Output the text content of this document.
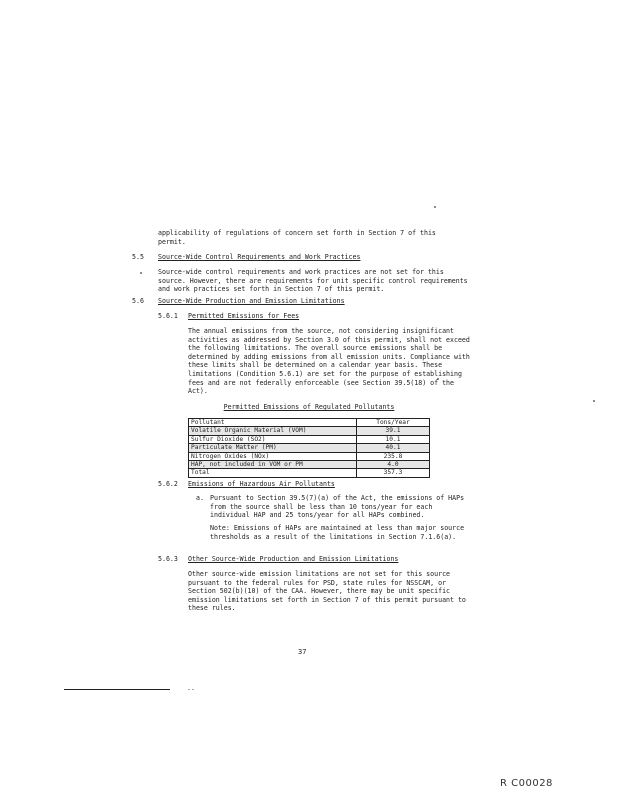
applicability of regulations of concern set forth in Section 7 of this
permit.
5.5 Source-Wide Control Requirements and Work Practices
Source-wide control requirements and work practices are not set for this source. However, there are requirements for unit specific control requirements and work practices set forth in Section 7 of this permit.
5.6 Source-Wide Production and Emission Limitations
5.6.1 Permitted Emissions for Fees
The annual emissions from the source, not considering insignificant activities as addressed by Section 3.0 of this permit, shall not exceed the following limitations. The overall source emissions shall be determined by adding emissions from all emission units. Compliance with these limits shall be determined on a calendar year basis. These limitations (Condition 5.6.1) are set for the purpose of establishing fees and are not federally enforceable (see Section 39.5(18) of the Act).
Permitted Emissions of Regulated Pollutants
Pollutant	Tons/Year
Volatile Organic Material (VOM)	39.1
Sulfur Dioxide (SO2)	10.1
Particulate Matter (PM)	40.1
Nitrogen Oxides (NOx)	235.8
HAP, not included in VOM or PM	4.0
Total	357.3
5.6.2 Emissions of Hazardous Air Pollutants
a. Pursuant to Section 39.5(7)(a) of the Act, the emissions of HAPs from the source shall be less than 10 tons/year for each individual HAP and 25 tons/year for all HAPs combined.
Note: Emissions of HAPs are maintained at less than major source thresholds as a result of the limitations in Section 7.1.6(a).
5.6.3 Other Source-Wide Production and Emission Limitations
Other source-wide emission limitations are not set for this source pursuant to the federal rules for PSD, state rules for NSSCAM, or Section 502(b)(10) of the CAA. However, there may be unit specific emission limitations set forth in Section 7 of this permit pursuant to these rules.
37
..
R C00028
